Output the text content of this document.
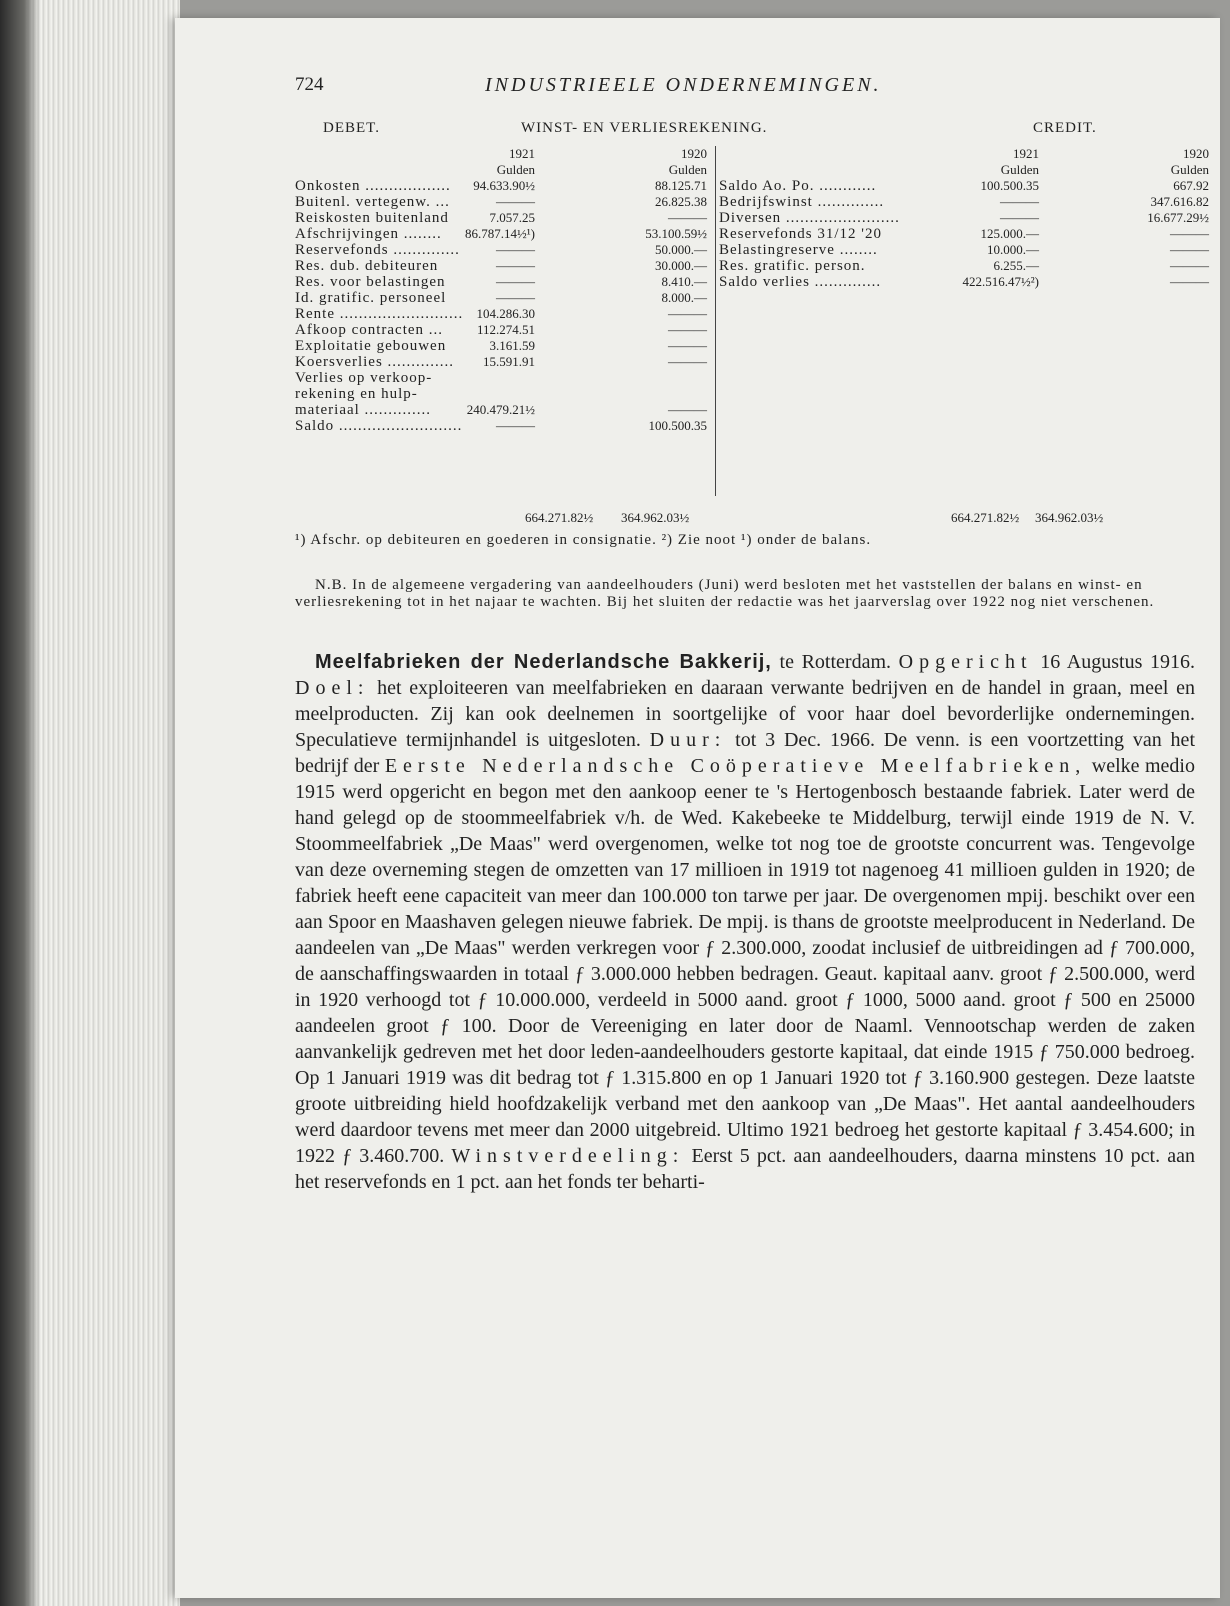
724	INDUSTRIEELE ONDERNEMINGEN.
DEBET.	WINST- EN VERLIESREKENING.	CREDIT.
1921	1920
Gulden	Gulden
Onkosten .................. 94.633.90½	88.125.71
Buitenl. vertegenw. ...	———	26.825.38
Reiskosten buitenland	7.057.25	———
Afschrijvingen ........ 86.787.14½¹)	53.100.59½
Reservefonds ..............	———	50.000.—
Res. dub. debiteuren	———	30.000.—
Res. voor belastingen	———	8.410.—
Id. gratific. personeel	———	8.000.—
Rente .......................... 104.286.30	———
Afkoop contracten ...	112.274.51	———
Exploitatie gebouwen	3.161.59	———
Koersverlies .............. 15.591.91	———
Verlies op verkoop-
rekening en hulp-
materiaal ..............	240.479.21½	———
Saldo ..........................	———	100.500.35
1921	1920
Gulden	Gulden
Saldo Ao. Po. ............	100.500.35	667.92
Bedrijfswinst ..............	———	347.616.82
Diversen ........................	———	16.677.29½
Reservefonds 31/12 '20	125.000.—	———
Belastingreserve ........	10.000.—	———
Res. gratific. person.	6.255.—	———
Saldo verlies ..............	422.516.47½²)	———
664.271.82½ 364.962.03½	664.271.82½ 364.962.03½
¹) Afschr. op debiteuren en goederen in consignatie. ²) Zie noot ¹) onder de balans.
N.B. In de algemeene vergadering van aandeelhouders (Juni) werd besloten met het vaststellen der balans en winst- en verliesrekening tot in het najaar te wachten. Bij het sluiten der redactie was het jaarverslag over 1922 nog niet verschenen.
Meelfabrieken der Nederlandsche Bakkerij, te Rotterdam. Opgericht 16 Augustus 1916. Doel: het exploiteeren van meelfabrieken en daaraan verwante bedrijven en de handel in graan, meel en meelproducten. Zij kan ook deelnemen in soortgelijke of voor haar doel bevorderlijke ondernemingen. Speculatieve termijnhandel is uitgesloten. Duur: tot 3 Dec. 1966. De venn. is een voortzetting van het bedrijf der Eerste Nederlandsche Coöperatieve Meelfabrieken, welke medio 1915 werd opgericht en begon met den aankoop eener te 's Hertogenbosch bestaande fabriek. Later werd de hand gelegd op de stoommeelfabriek v/h. de Wed. Kakebeeke te Middelburg, terwijl einde 1919 de N. V. Stoommeelfabriek „De Maas" werd overgenomen, welke tot nog toe de grootste concurrent was. Tengevolge van deze overneming stegen de omzetten van 17 millioen in 1919 tot nagenoeg 41 millioen gulden in 1920; de fabriek heeft eene capaciteit van meer dan 100.000 ton tarwe per jaar. De overgenomen mpij. beschikt over een aan Spoor en Maashaven gelegen nieuwe fabriek. De mpij. is thans de grootste meelproducent in Nederland. De aandeelen van „De Maas" werden verkregen voor ƒ 2.300.000, zoodat inclusief de uitbreidingen ad ƒ 700.000, de aanschaffingswaarden in totaal ƒ 3.000.000 hebben bedragen. Geaut. kapitaal aanv. groot ƒ 2.500.000, werd in 1920 verhoogd tot ƒ 10.000.000, verdeeld in 5000 aand. groot ƒ 1000, 5000 aand. groot ƒ 500 en 25000 aandeelen groot ƒ 100. Door de Vereeniging en later door de Naaml. Vennootschap werden de zaken aanvankelijk gedreven met het door leden-aandeelhouders gestorte kapitaal, dat einde 1915 ƒ 750.000 bedroeg. Op 1 Januari 1919 was dit bedrag tot ƒ 1.315.800 en op 1 Januari 1920 tot ƒ 3.160.900 gestegen. Deze laatste groote uitbreiding hield hoofdzakelijk verband met den aankoop van „De Maas". Het aantal aandeelhouders werd daardoor tevens met meer dan 2000 uitgebreid. Ultimo 1921 bedroeg het gestorte kapitaal ƒ 3.454.600; in 1922 ƒ 3.460.700. Winstverdeeling: Eerst 5 pct. aan aandeelhouders, daarna minstens 10 pct. aan het reservefonds en 1 pct. aan het fonds ter beharti-
